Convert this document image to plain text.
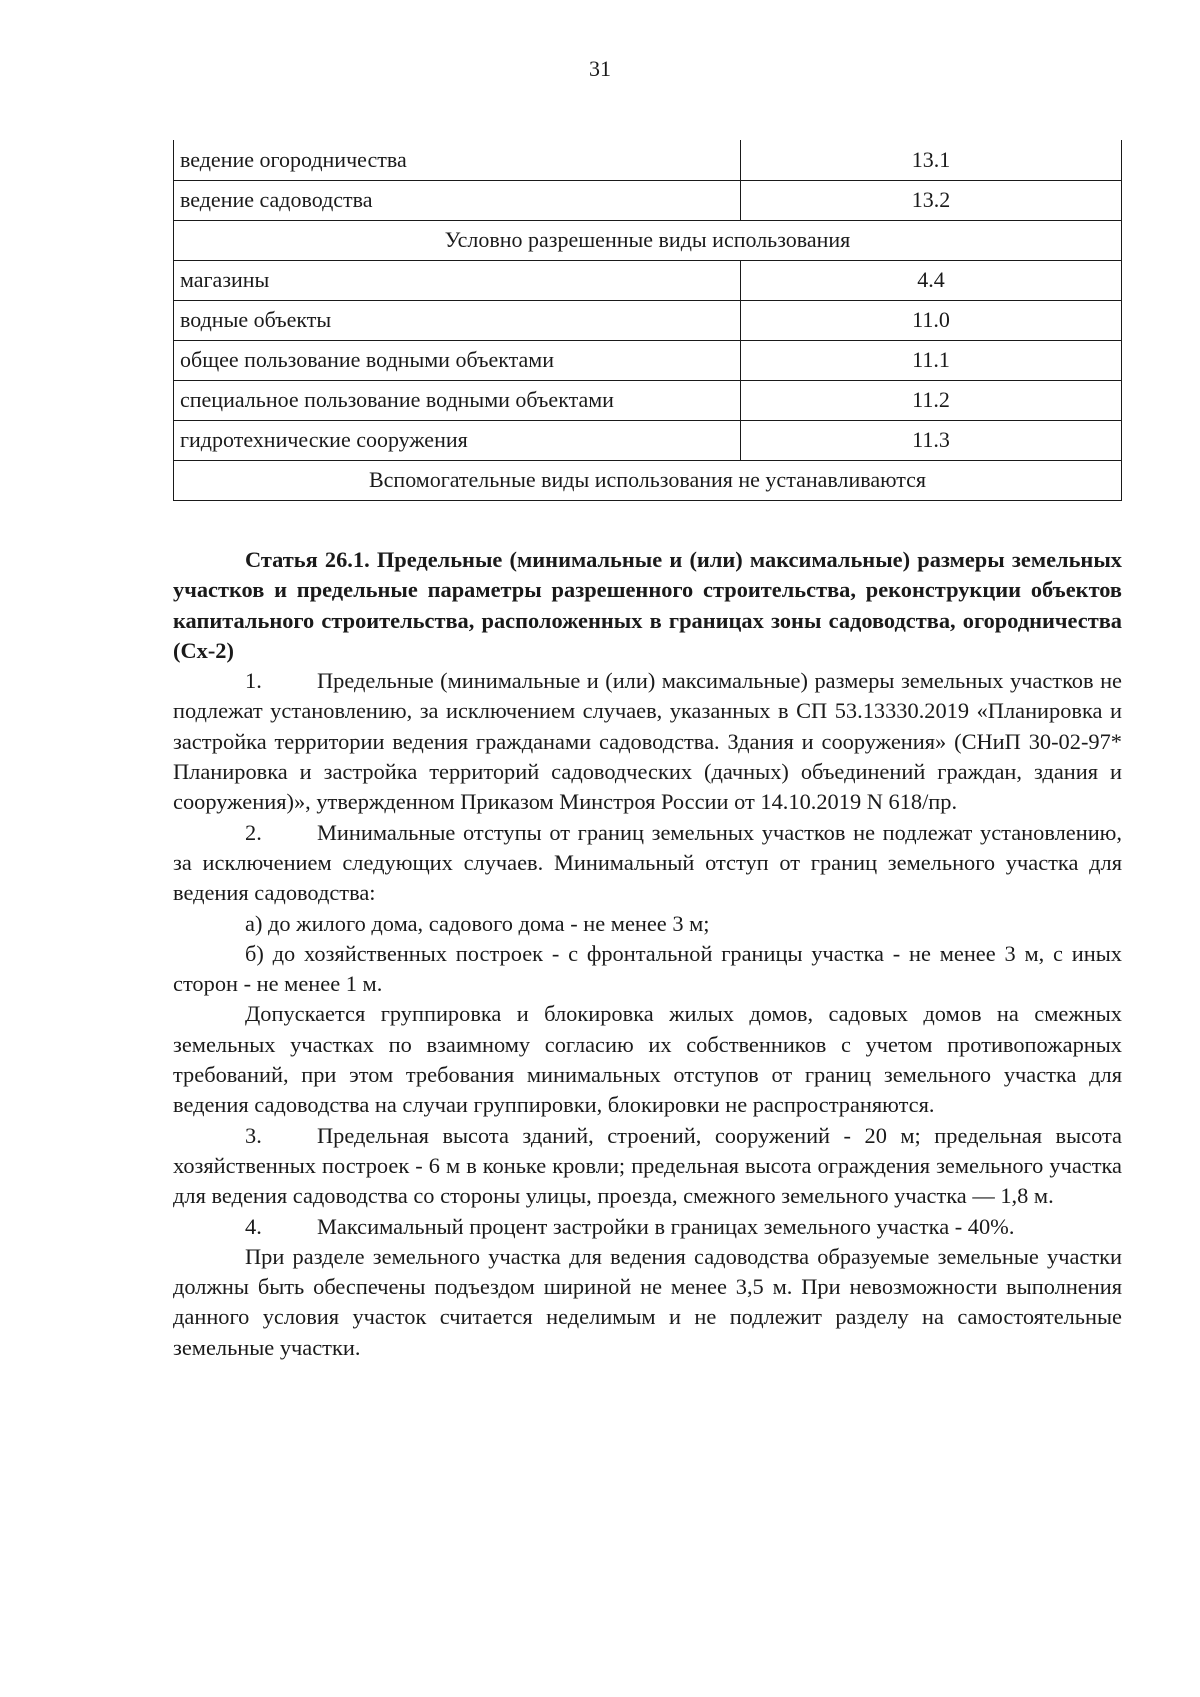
31
ведение огородничества	13.1
ведение садоводства	13.2
Условно разрешенные виды использования	
магазины	4.4
водные объекты	11.0
общее пользование водными объектами	11.1
специальное пользование водными объектами	11.2
гидротехнические сооружения	11.3
Вспомогательные виды использования не устанавливаются	

Статья 26.1. Предельные (минимальные и (или) максимальные) размеры земельных участков и предельные параметры разрешенного строительства, реконструкции объектов капитального строительства, расположенных в границах зоны садоводства, огородничества (Сх-2)

1. Предельные (минимальные и (или) максимальные) размеры земельных участков не подлежат установлению, за исключением случаев, указанных в СП 53.13330.2019 «Планировка и застройка территории ведения гражданами садоводства. Здания и сооружения» (СНиП 30-02-97* Планировка и застройка территорий садоводческих (дачных) объединений граждан, здания и сооружения)», утвержденном Приказом Минстроя России от 14.10.2019 N 618/пр.

2. Минимальные отступы от границ земельных участков не подлежат установлению, за исключением следующих случаев. Минимальный отступ от границ земельного участка для ведения садоводства:

а) до жилого дома, садового дома - не менее 3 м;

б) до хозяйственных построек - с фронтальной границы участка - не менее 3 м, с иных сторон - не менее 1 м.

Допускается группировка и блокировка жилых домов, садовых домов на смежных земельных участках по взаимному согласию их собственников с учетом противопожарных требований, при этом требования минимальных отступов от границ земельного участка для ведения садоводства на случаи группировки, блокировки не распространяются.

3. Предельная высота зданий, строений, сооружений - 20 м; предельная высота хозяйственных построек - 6 м в коньке кровли; предельная высота ограждения земельного участка для ведения садоводства со стороны улицы, проезда, смежного земельного участка — 1,8 м.

4. Максимальный процент застройки в границах земельного участка - 40%.

При разделе земельного участка для ведения садоводства образуемые земельные участки должны быть обеспечены подъездом шириной не менее 3,5 м. При невозможности выполнения данного условия участок считается неделимым и не подлежит разделу на самостоятельные земельные участки.
